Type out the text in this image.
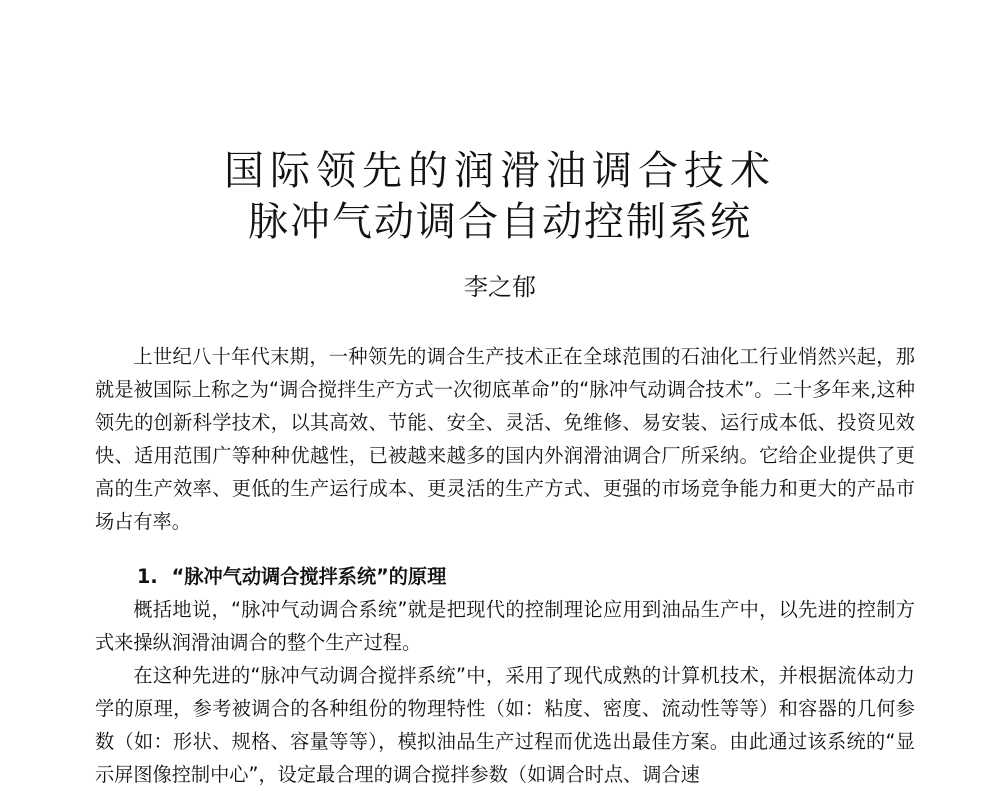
国际领先的润滑油调合技术
脉冲气动调合自动控制系统
李之郁

上世纪八十年代末期，一种领先的调合生产技术正在全球范围的石油化工行业悄然兴起，那就是被国际上称之为“调合搅拌生产方式一次彻底革命”的“脉冲气动调合技术”。二十多年来,这种领先的创新科学技术，以其高效、节能、安全、灵活、免维修、易安装、运行成本低、投资见效快、适用范围广等种种优越性，已被越来越多的国内外润滑油调合厂所采纳。它给企业提供了更高的生产效率、更低的生产运行成本、更灵活的生产方式、更强的市场竞争能力和更大的产品市场占有率。

1. “脉冲气动调合搅拌系统”的原理

概括地说，“脉冲气动调合系统”就是把现代的控制理论应用到油品生产中，以先进的控制方式来操纵润滑油调合的整个生产过程。

在这种先进的“脉冲气动调合搅拌系统”中，采用了现代成熟的计算机技术，并根据流体动力学的原理，参考被调合的各种组份的物理特性（如：粘度、密度、流动性等等）和容器的几何参数（如：形状、规格、容量等等），模拟油品生产过程而优选出最佳方案。由此通过该系统的“显示屏图像控制中心”，设定最合理的调合搅拌参数（如调合时点、调合速
